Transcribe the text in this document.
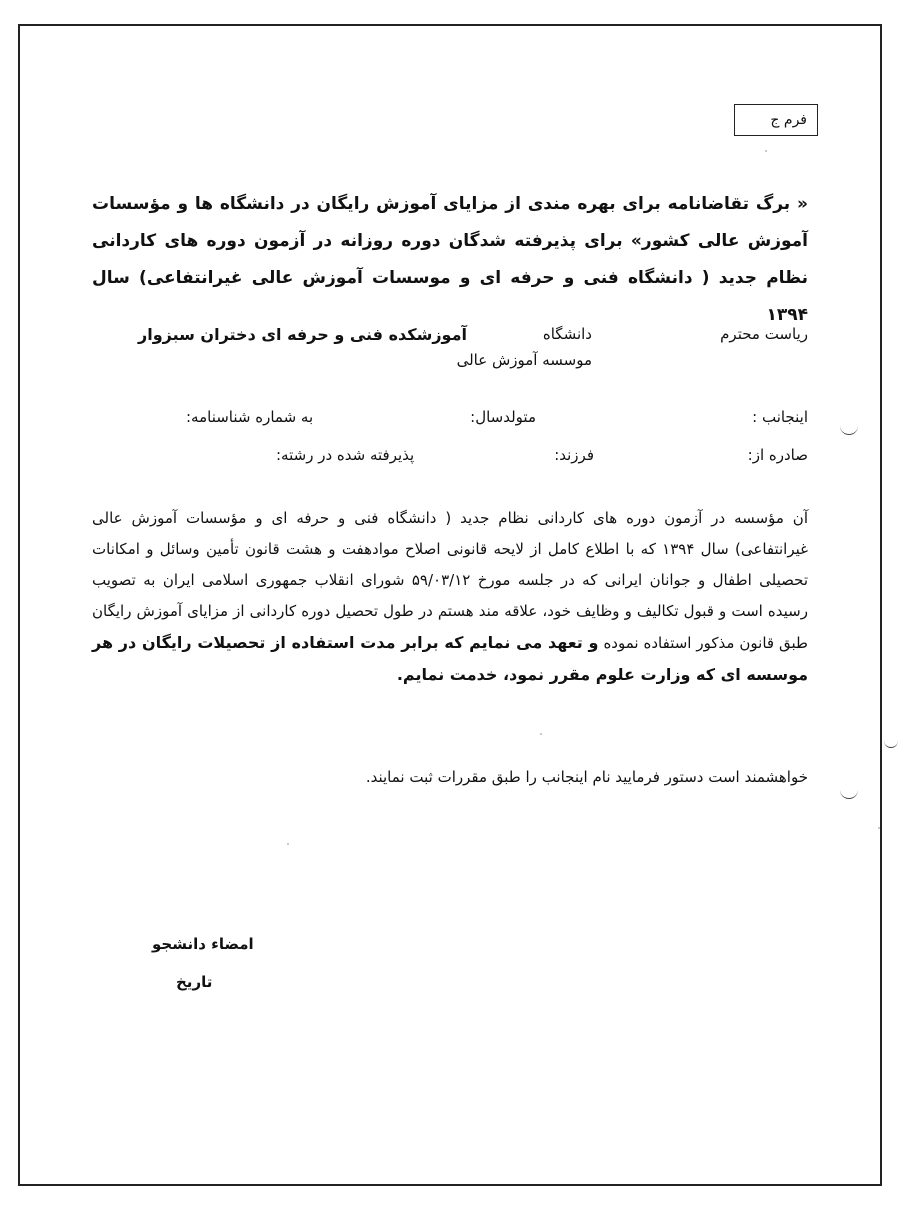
فرم ج
« برگ تقاضانامه برای بهره مندی از مزایای آموزش رایگان در دانشگاه ها و مؤسسات آموزش عالی کشور» برای پذیرفته شدگان دوره روزانه در آزمون دوره های کاردانی نظام جدید ( دانشگاه فنی و حرفه ای و موسسات آموزش عالی غیرانتفاعی) سال ۱۳۹۴
ریاست محترم
دانشگاه
موسسه آموزش عالی
آموزشکده فنی و حرفه ای دختران سبزوار
اینجانب :
متولدسال:
به شماره شناسنامه:
صادره از:
فرزند:
پذیرفته شده در رشته:
آن مؤسسه در آزمون دوره های کاردانی نظام جدید ( دانشگاه فنی و حرفه ای و مؤسسات آموزش عالی غیرانتفاعی) سال ۱۳۹۴ که با اطلاع کامل از لایحه قانونی اصلاح موادهفت و هشت قانون تأمین وسائل و امکانات تحصیلی اطفال و جوانان ایرانی که در جلسه مورخ ۵۹/۰۳/۱۲ شورای انقلاب جمهوری اسلامی ایران به تصویب رسیده است و قبول تکالیف و وظایف خود، علاقه مند هستم در طول تحصیل دوره کاردانی از مزایای آموزش رایگان طبق قانون مذکور استفاده نموده و تعهد می نمایم که برابر مدت استفاده از تحصیلات رایگان در هر موسسه ای که وزارت علوم مقرر نمود، خدمت نمایم.
خواهشمند است دستور فرمایید نام اینجانب را طبق مقررات ثبت نمایند.
امضاء دانشجو
تاریخ
